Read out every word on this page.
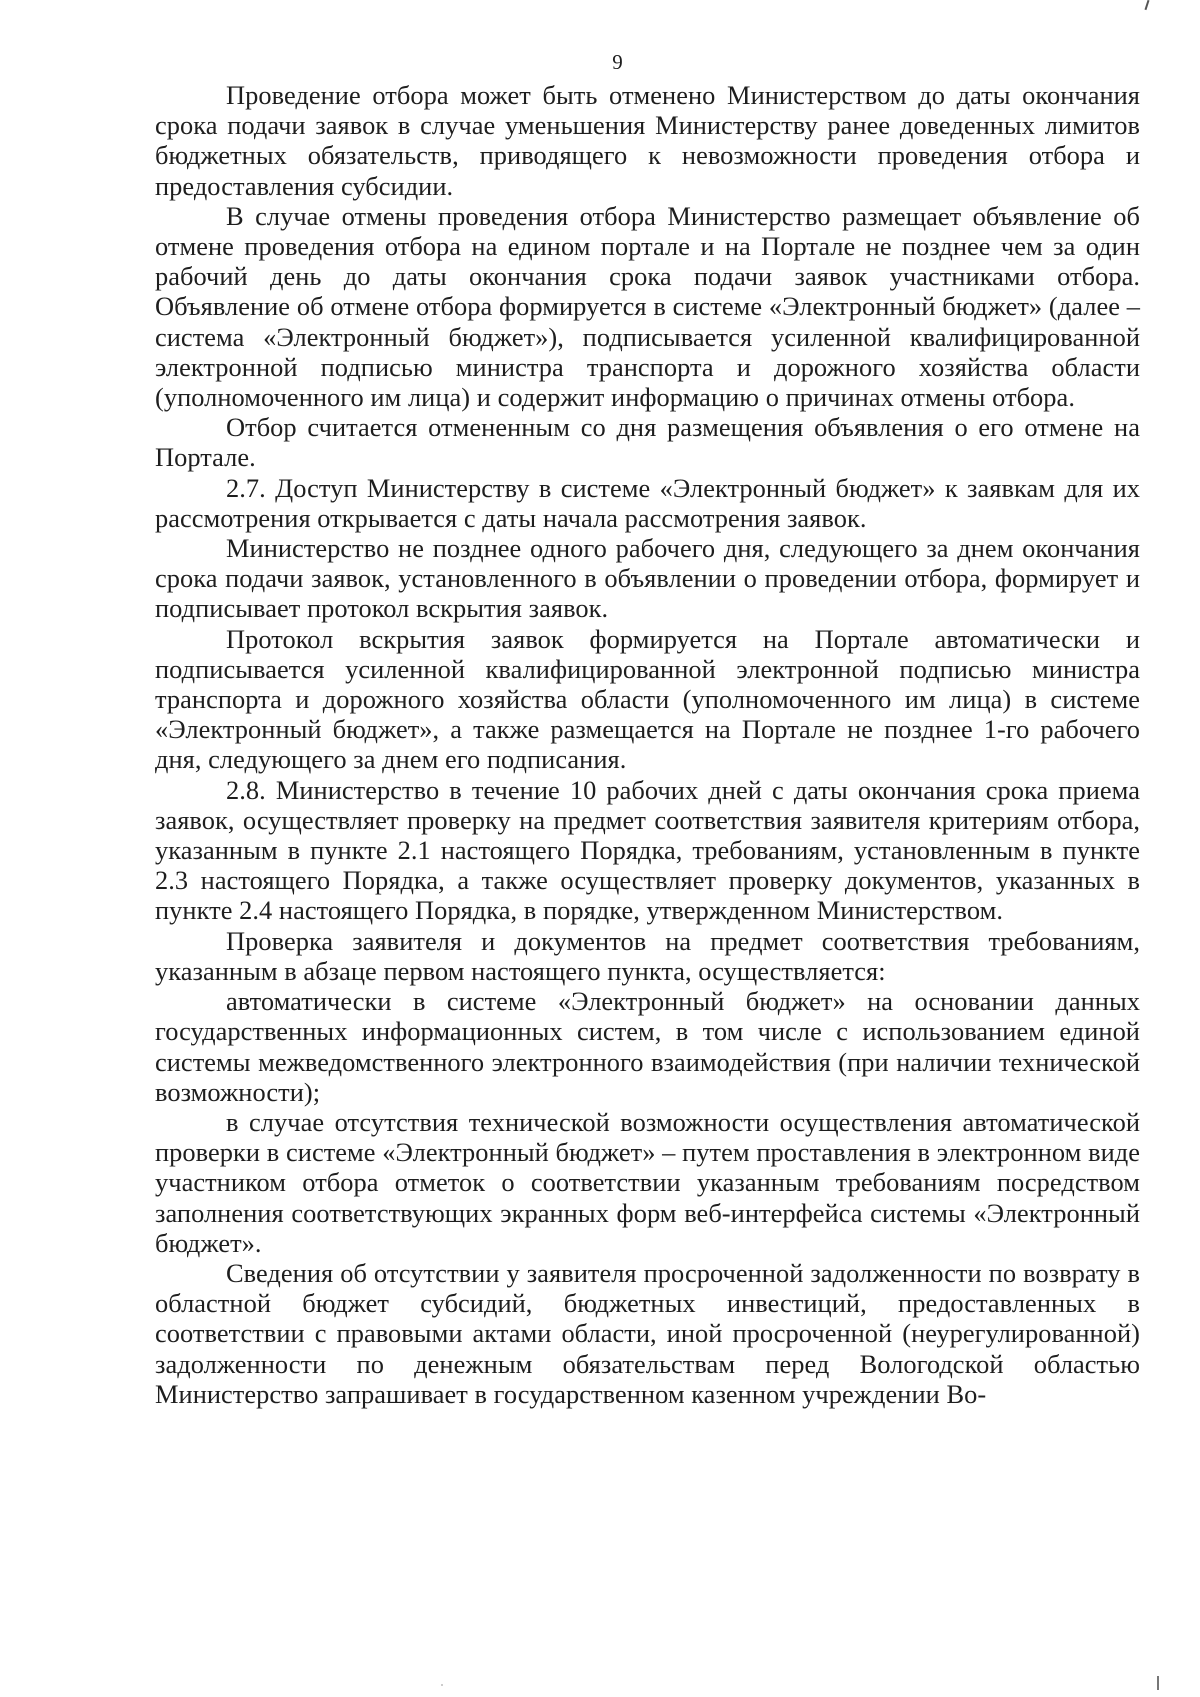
9

Проведение отбора может быть отменено Министерством до даты окончания срока подачи заявок в случае уменьшения Министерству ранее доведенных лимитов бюджетных обязательств, приводящего к невозможности проведения отбора и предоставления субсидии.

В случае отмены проведения отбора Министерство размещает объявление об отмене проведения отбора на едином портале и на Портале не позднее чем за один рабочий день до даты окончания срока подачи заявок участниками отбора. Объявление об отмене отбора формируется в системе «Электронный бюджет» (далее – система «Электронный бюджет»), подписывается усиленной квалифицированной электронной подписью министра транспорта и дорожного хозяйства области (уполномоченного им лица) и содержит информацию о причинах отмены отбора.

Отбор считается отмененным со дня размещения объявления о его отмене на Портале.

2.7. Доступ Министерству в системе «Электронный бюджет» к заявкам для их рассмотрения открывается с даты начала рассмотрения заявок.

Министерство не позднее одного рабочего дня, следующего за днем окончания срока подачи заявок, установленного в объявлении о проведении отбора, формирует и подписывает протокол вскрытия заявок.

Протокол вскрытия заявок формируется на Портале автоматически и подписывается усиленной квалифицированной электронной подписью министра транспорта и дорожного хозяйства области (уполномоченного им лица) в системе «Электронный бюджет», а также размещается на Портале не позднее 1-го рабочего дня, следующего за днем его подписания.

2.8. Министерство в течение 10 рабочих дней с даты окончания срока приема заявок, осуществляет проверку на предмет соответствия заявителя критериям отбора, указанным в пункте 2.1 настоящего Порядка, требованиям, установленным в пункте 2.3 настоящего Порядка, а также осуществляет проверку документов, указанных в пункте 2.4 настоящего Порядка, в порядке, утвержденном Министерством.

Проверка заявителя и документов на предмет соответствия требованиям, указанным в абзаце первом настоящего пункта, осуществляется:

автоматически в системе «Электронный бюджет» на основании данных государственных информационных систем, в том числе с использованием единой системы межведомственного электронного взаимодействия (при наличии технической возможности);

в случае отсутствия технической возможности осуществления автоматической проверки в системе «Электронный бюджет» – путем проставления в электронном виде участником отбора отметок о соответствии указанным требованиям посредством заполнения соответствующих экранных форм веб-интерфейса системы «Электронный бюджет».

Сведения об отсутствии у заявителя просроченной задолженности по возврату в областной бюджет субсидий, бюджетных инвестиций, предоставленных в соответствии с правовыми актами области, иной просроченной (неурегулированной) задолженности по денежным обязательствам перед Вологодской областью Министерство запрашивает в государственном казенном учреждении Во-
